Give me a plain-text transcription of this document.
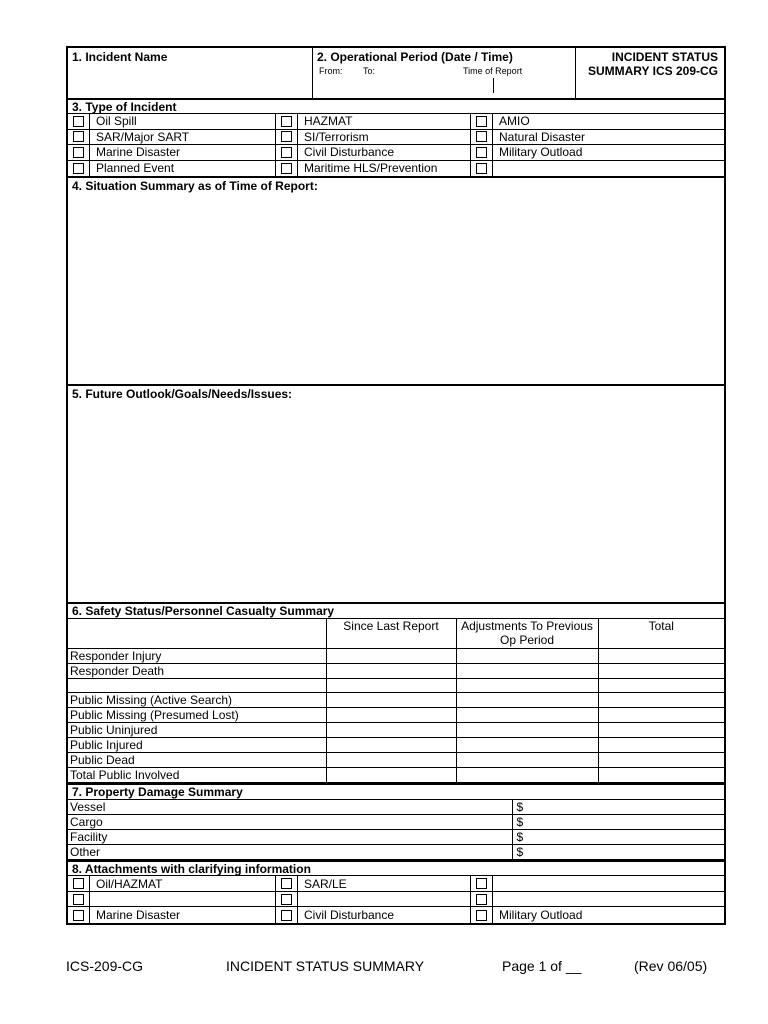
1. Incident Name	2. Operational Period (Date / Time)
From: To:	Time of Report
INCIDENT STATUS
SUMMARY ICS 209-CG
3. Type of Incident
Oil Spill	HAZMAT	AMIO
SAR/Major SART	SI/Terrorism	Natural Disaster
Marine Disaster	Civil Disturbance	Military Outload
Planned Event	Maritime HLS/Prevention
4. Situation Summary as of Time of Report:
5. Future Outlook/Goals/Needs/Issues:
6. Safety Status/Personnel Casualty Summary
	Since Last Report	Adjustments To Previous Op Period	Total
Responder Injury			
Responder Death			

Public Missing (Active Search)			
Public Missing (Presumed Lost)			
Public Uninjured			
Public Injured			
Public Dead			
Total Public Involved			
7. Property Damage Summary
Vessel	$
Cargo	$
Facility	$
Other	$
8. Attachments with clarifying information
Oil/HAZMAT	SAR/LE
Marine Disaster	Civil Disturbance	Military Outload
ICS-209-CG	INCIDENT STATUS SUMMARY	Page 1 of __	(Rev 06/05)
